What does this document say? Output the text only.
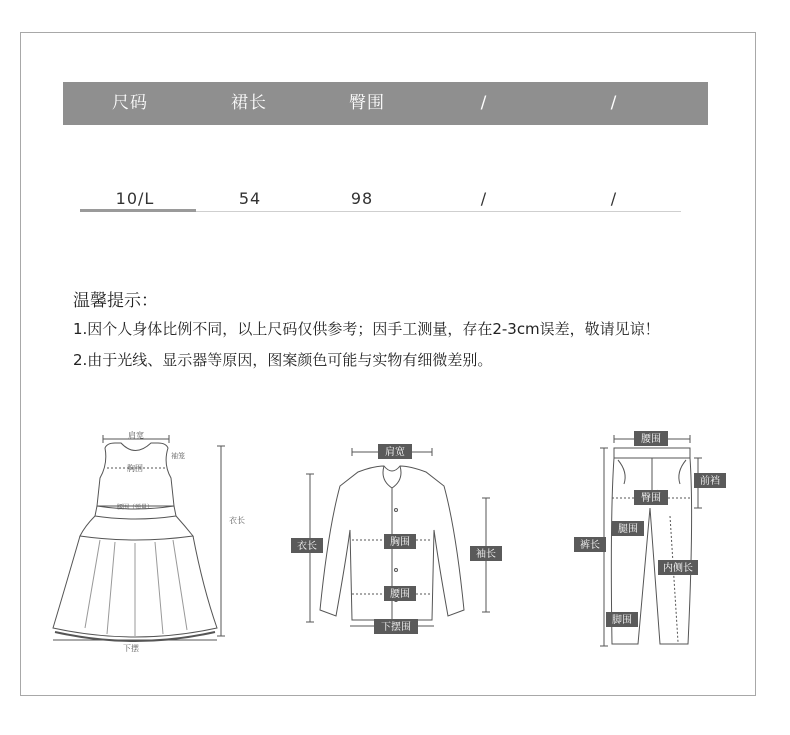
尺码	裙长	臀围	/	/
10/L	54	98	/	/
温馨提示：
1.因个人身体比例不同，以上尺码仅供参考；因手工测量，存在2-3cm误差，敬请见谅！
2.由于光线、显示器等原因，图案颜色可能与实物有细微差别。
肩宽
胸围
袖笼
腰围（弹量）
衣长
下摆
肩宽
衣长	胸围
袖长
腰围
下摆围
腰围
前裆
臀围
裤长
腿围
内侧长
脚围
